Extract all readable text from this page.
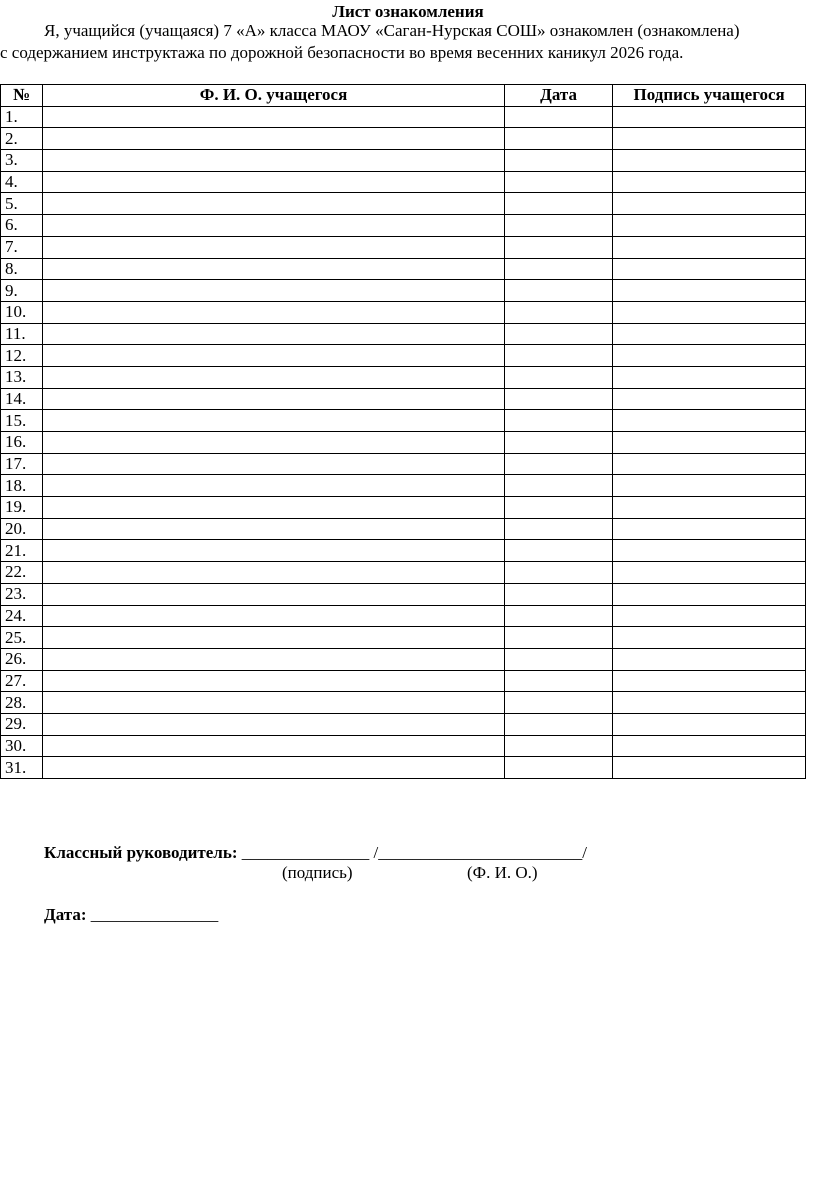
Лист ознакомления
Я, учащийся (учащаяся) 7 «А» класса МАОУ «Саган-Нурская СОШ» ознакомлен (ознакомлена)
с содержанием инструктажа по дорожной безопасности во время весенних каникул 2026 года.
№	Ф. И. О. учащегося	Дата	Подпись учащегося
1.			
2.			
3.			
4.			
5.			
6.			
7.			
8.			
9.			
10.			
11.			
12.			
13.			
14.			
15.			
16.			
17.			
18.			
19.			
20.			
21.			
22.			
23.			
24.			
25.			
26.			
27.			
28.			
29.			
30.			
31.			
Классный руководитель: _______________ /________________________/
(подпись)	(Ф. И. О.)
Дата: _______________
